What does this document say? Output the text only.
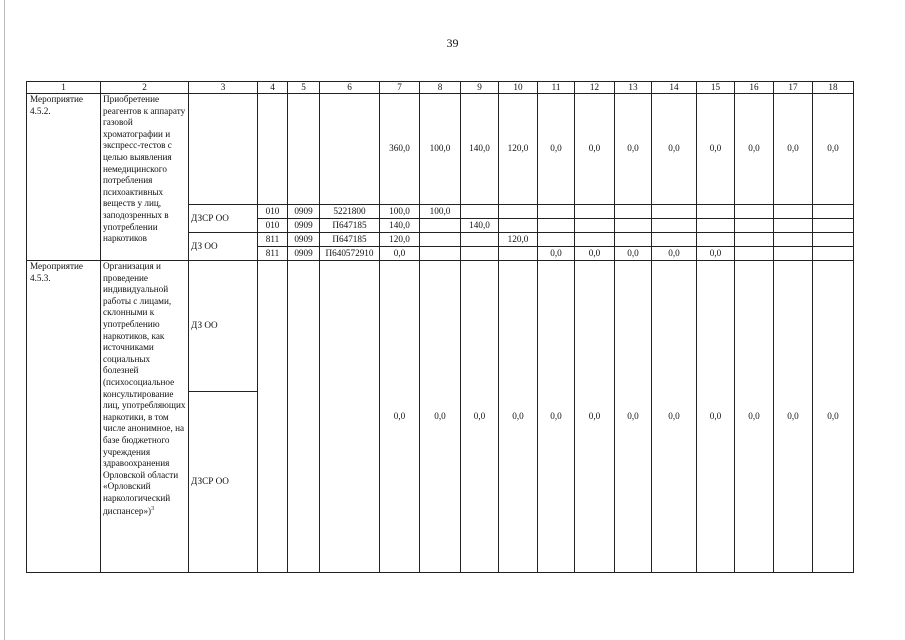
39
1	2	3	4	5	6	7	8	9	10	11	12	13	14	15	16	17	18
Мероприятие 4.5.2.	Приобретение реагентов к аппарату газовой хроматографии и экспресс-тестов с целью выявления немедицинского потребления психоактивных веществ у лиц, заподозренных в употреблении наркотиков					360,0	100,0	140,0	120,0	0,0	0,0	0,0	0,0	0,0	0,0	0,0	0,0
		ДЗСР ОО	010	0909	5221800	100,0	100,0										
			010	0909	П647185	140,0		140,0									
		ДЗ ОО	811	0909	П647185	120,0			120,0								
			811	0909	П640572910	0,0				0,0	0,0	0,0	0,0	0,0			
Мероприятие 4.5.3.	Организация и проведение индивидуальной работы с лицами, склонными к употреблению наркотиков, как источниками социальных болезней (психосоциальное консультирование лиц, употребляющих наркотики, в том числе анонимное, на базе бюджетного учреждения здравоохранения Орловской области «Орловский наркологический диспансер»)$^3$	ДЗ ОО				0,0	0,0	0,0	0,0	0,0	0,0	0,0	0,0	0,0	0,0	0,0	0,0
		ДЗСР ОО															
